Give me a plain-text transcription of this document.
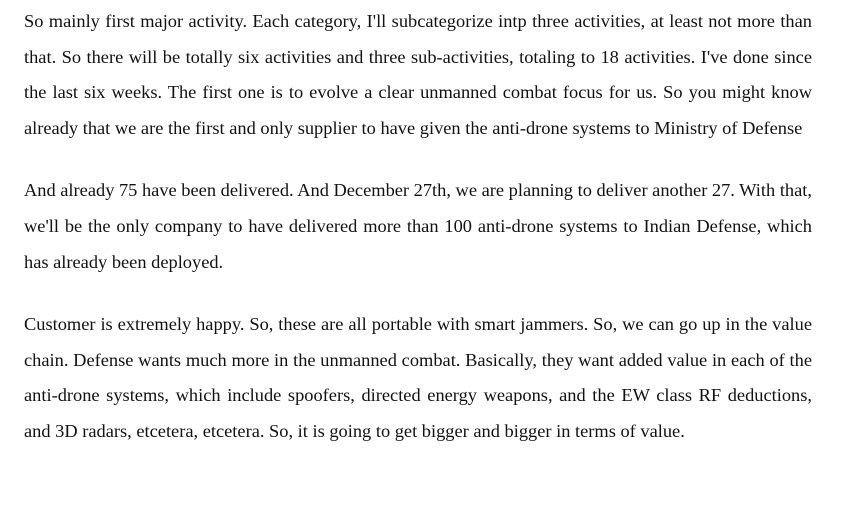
So mainly first major activity. Each category, I'll subcategorize intp three activities, at least not more than that. So there will be totally six activities and three sub-activities, totaling to 18 activities. I've done since the last six weeks. The first one is to evolve a clear unmanned combat focus for us. So you might know already that we are the first and only supplier to have given the anti-drone systems to Ministry of Defense

And already 75 have been delivered. And December 27th, we are planning to deliver another 27. With that, we'll be the only company to have delivered more than 100 anti-drone systems to Indian Defense, which has already been deployed.

Customer is extremely happy. So, these are all portable with smart jammers. So, we can go up in the value chain. Defense wants much more in the unmanned combat. Basically, they want added value in each of the anti-drone systems, which include spoofers, directed energy weapons, and the EW class RF deductions, and 3D radars, etcetera, etcetera. So, it is going to get bigger and bigger in terms of value.
